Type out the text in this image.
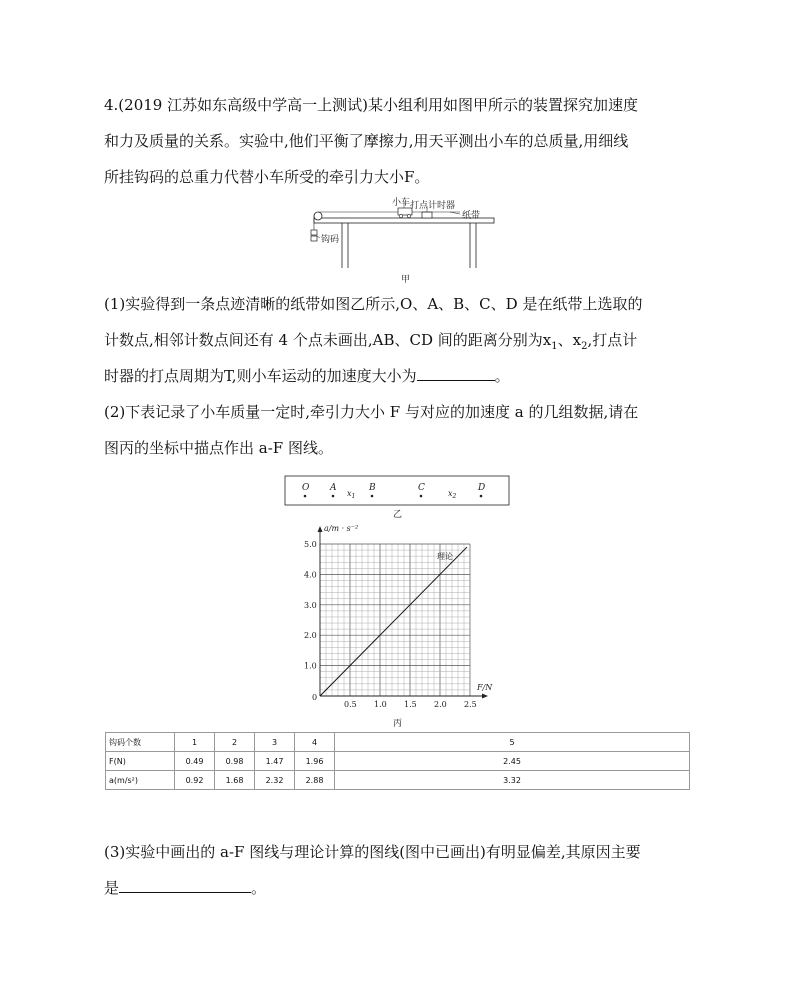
4.(2019 江苏如东高级中学高一上测试)某小组利用如图甲所示的装置探究加速度
和力及质量的关系。实验中,他们平衡了摩擦力,用天平测出小车的总质量,用细线
所挂钩码的总重力代替小车所受的牵引力大小F。
小车 打点计时器
纸带
钩码
甲
(1)实验得到一条点迹清晰的纸带如图乙所示,O、A、B、C、D 是在纸带上选取的
计数点,相邻计数点间还有 4 个点未画出,AB、CD 间的距离分别为$x_1$、$x_2$,打点计
时器的打点周期为T,则小车运动的加速度大小为	。
(2)下表记录了小车质量一定时,牵引力大小 F 与对应的加速度 a 的几组数据,请在
图丙的坐标中描点作出 a-F 图线。
O A	B	C	D
$x_1$	$x_2$
乙
0.5 1.0 1.5 2.0 2.5
1.0
2.0
3.0
4.0
5.0
a/m · s⁻²
F/N
0
理论
丙
钩码个数	1	2	3	4	5
F(N)	0.49	0.98	1.47	1.96	2.45
a(m/s²)	0.92	1.68	2.32	2.88	3.32
(3)实验中画出的 a-F 图线与理论计算的图线(图中已画出)有明显偏差,其原因主要
是	。
